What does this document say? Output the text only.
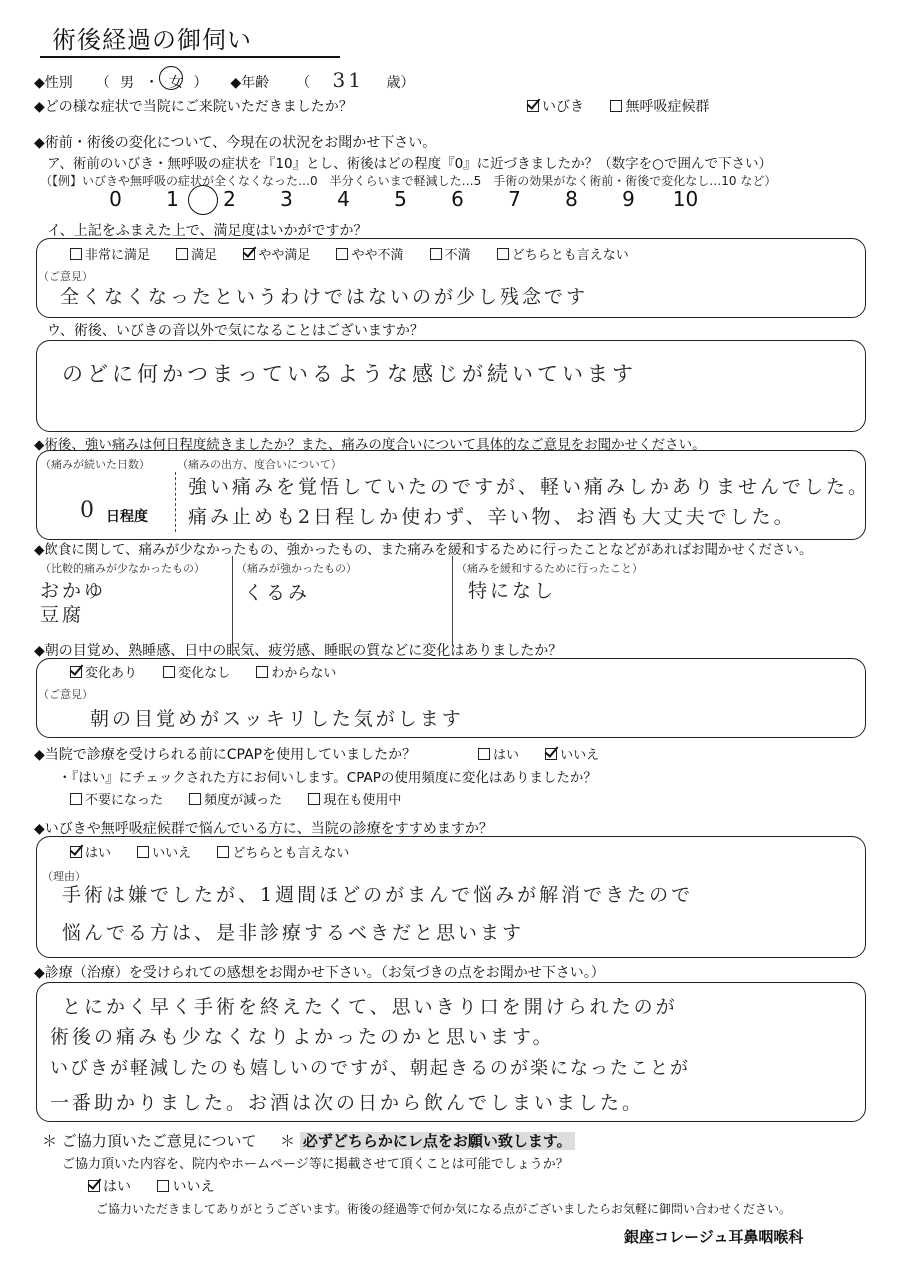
術後経過の御伺い
◆性別 （ 男 ・ 女 ） ◆年齢 （ 31 歳）
◆どの様な症状で当院にご来院いただきましたか？	いびき	無呼吸症候群
◆術前・術後の変化について、今現在の状況をお聞かせ下さい。
ア、術前のいびき・無呼吸の症状を『10』とし、術後はどの程度『0』に近づきましたか？（数字を○で囲んで下さい）
（【例】いびきや無呼吸の症状が全くなくなった…0　半分くらいまで軽減した…5　手術の効果がなく術前・術後で変化なし…10 など）
0 1 2 3 4 5 6 7 8 9 10
イ、上記をふまえた上で、満足度はいかがですか？
非常に満足	満足	やや満足	やや不満	不満	どちらとも言えない
（ご意見）
全くなくなったというわけではないのが少し残念です
ウ、術後、いびきの音以外で気になることはございますか？
のどに何かつまっているような感じが続いています
◆術後、強い痛みは何日程度続きましたか？また、痛みの度合いについて具体的なご意見をお聞かせください。
（痛みが続いた日数）
0 日程度
（痛みの出方、度合いについて）
強い痛みを覚悟していたのですが、軽い痛みしかありませんでした。
痛み止めも2日程しか使わず、辛い物、お酒も大丈夫でした。
◆飲食に関して、痛みが少なかったもの、強かったもの、また痛みを緩和するために行ったことなどがあればお聞かせください。
（比較的痛みが少なかったもの）
おかゆ
豆腐
（痛みが強かったもの）
くるみ
（痛みを緩和するために行ったこと）
特になし
◆朝の目覚め、熟睡感、日中の眠気、疲労感、睡眠の質などに変化はありましたか？
変化あり	変化なし	わからない
（ご意見）
朝の目覚めがスッキリした気がします
◆当院で診療を受けられる前にCPAPを使用していましたか？	はい	いいえ
・『はい』にチェックされた方にお伺いします。CPAPの使用頻度に変化はありましたか？
不要になった	頻度が減った	現在も使用中
◆いびきや無呼吸症候群で悩んでいる方に、当院の診療をすすめますか？
はい	いいえ	どちらとも言えない
（理由）
手術は嫌でしたが、1週間ほどのがまんで悩みが解消できたので
悩んでる方は、是非診療するべきだと思います
◆診療（治療）を受けられての感想をお聞かせ下さい。（お気づきの点をお聞かせ下さい。）
とにかく早く手術を終えたくて、思いきり口を開けられたのが
術後の痛みも少なくなりよかったのかと思います。
いびきが軽減したのも嬉しいのですが、朝起きるのが楽になったことが
一番助かりました。お酒は次の日から飲んでしまいました。
＊ ご協力頂いたご意見について ＊ 必ずどちらかにレ点をお願い致します。
ご協力頂いた内容を、院内やホームページ等に掲載させて頂くことは可能でしょうか？
はい	いいえ
ご協力いただきましてありがとうございます。術後の経過等で何か気になる点がございましたらお気軽に御問い合わせください。
銀座コレージュ耳鼻咽喉科
